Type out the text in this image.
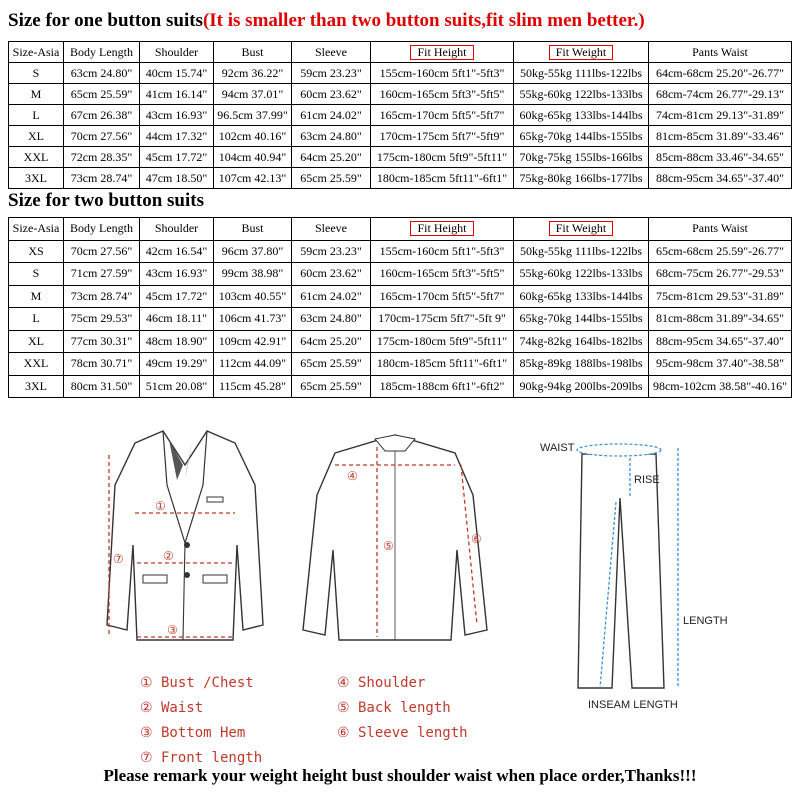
Size for one button suits(It is smaller than two button suits,fit slim men better.)
Size-Asia	Body Length	Shoulder	Bust	Sleeve	Fit Height	Fit Weight	Pants Waist
S	63cm 24.80"	40cm 15.74"	92cm 36.22"	59cm 23.23"	155cm-160cm 5ft1"-5ft3"	50kg-55kg 111lbs-122lbs	64cm-68cm 25.20"-26.77"
M	65cm 25.59"	41cm 16.14"	94cm 37.01"	60cm 23.62"	160cm-165cm 5ft3"-5ft5"	55kg-60kg 122lbs-133lbs	68cm-74cm 26.77"-29.13"
L	67cm 26.38"	43cm 16.93"	96.5cm 37.99"	61cm 24.02"	165cm-170cm 5ft5"-5ft7"	60kg-65kg 133lbs-144lbs	74cm-81cm 29.13"-31.89"
XL	70cm 27.56"	44cm 17.32"	102cm 40.16"	63cm 24.80"	170cm-175cm 5ft7"-5ft9"	65kg-70kg 144lbs-155lbs	81cm-85cm 31.89"-33.46"
XXL	72cm 28.35"	45cm 17.72"	104cm 40.94"	64cm 25.20"	175cm-180cm 5ft9"-5ft11"	70kg-75kg 155lbs-166lbs	85cm-88cm 33.46"-34.65"
3XL	73cm 28.74"	47cm 18.50"	107cm 42.13"	65cm 25.59"	180cm-185cm 5ft11"-6ft1"	75kg-80kg 166lbs-177lbs	88cm-95cm 34.65"-37.40"
Size for two button suits
Size-Asia	Body Length	Shoulder	Bust	Sleeve	Fit Height	Fit Weight	Pants Waist
XS	70cm 27.56"	42cm 16.54"	96cm 37.80"	59cm 23.23"	155cm-160cm 5ft1"-5ft3"	50kg-55kg 111lbs-122lbs	65cm-68cm 25.59"-26.77"
S	71cm 27.59"	43cm 16.93"	99cm 38.98"	60cm 23.62"	160cm-165cm 5ft3"-5ft5"	55kg-60kg 122lbs-133lbs	68cm-75cm 26.77"-29.53"
M	73cm 28.74"	45cm 17.72"	103cm 40.55"	61cm 24.02"	165cm-170cm 5ft5"-5ft7"	60kg-65kg 133lbs-144lbs	75cm-81cm 29.53"-31.89"
L	75cm 29.53"	46cm 18.11"	106cm 41.73"	63cm 24.80"	170cm-175cm 5ft7"-5ft 9"	65kg-70kg 144lbs-155lbs	81cm-88cm 31.89"-34.65"
XL	77cm 30.31"	48cm 18.90"	109cm 42.91"	64cm 25.20"	175cm-180cm 5ft9"-5ft11"	74kg-82kg 164lbs-182lbs	88cm-95cm 34.65"-37.40"
XXL	78cm 30.71"	49cm 19.29"	112cm 44.09"	65cm 25.59"	180cm-185cm 5ft11"-6ft1"	85kg-89kg 188lbs-198lbs	95cm-98cm 37.40"-38.58"
3XL	80cm 31.50"	51cm 20.08"	115cm 45.28"	65cm 25.59"	185cm-188cm 6ft1"-6ft2"	90kg-94kg 200lbs-209lbs	98cm-102cm 38.58"-40.16"
①
②
③
⑦
④
⑤	⑥
WAIST
RISE
LENGTH
INSEAM LENGTH
① Bust /Chest
② Waist
③ Bottom Hem
⑦ Front length
④ Shoulder
⑤ Back length
⑥ Sleeve length
Please remark your weight height bust shoulder waist when place order,Thanks!!!
